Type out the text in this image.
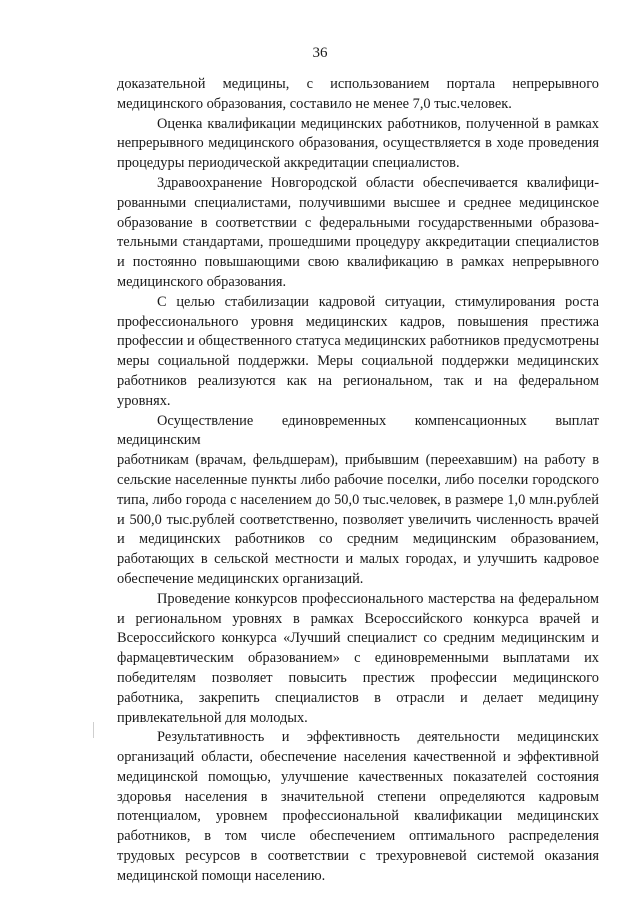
36

доказательной медицины, с использованием портала непрерывного
медицинского образования, составило не менее 7,0 тыс.человек.

Оценка квалификации медицинских работников, полученной в рамках
непрерывного медицинского образования, осуществляется в ходе проведения
процедуры периодической аккредитации специалистов.

Здравоохранение Новгородской области обеспечивается квалифици-
рованными специалистами, получившими высшее и среднее медицинское
образование в соответствии с федеральными государственными образова-
тельными стандартами, прошедшими процедуру аккредитации специалистов
и постоянно повышающими свою квалификацию в рамках непрерывного
медицинского образования.

С целью стабилизации кадровой ситуации, стимулирования роста
профессионального уровня медицинских кадров, повышения престижа
профессии и общественного статуса медицинских работников предусмотрены
меры социальной поддержки. Меры социальной поддержки медицинских
работников реализуются как на региональном, так и на федеральном
уровнях.

Осуществление единовременных компенсационных выплат медицинским
работникам (врачам, фельдшерам), прибывшим (переехавшим) на работу в
сельские населенные пункты либо рабочие поселки, либо поселки городского
типа, либо города с населением до 50,0 тыс.человек, в размере 1,0 млн.рублей
и 500,0 тыс.рублей соответственно, позволяет увеличить численность врачей
и медицинских работников со средним медицинским образованием,
работающих в сельской местности и малых городах, и улучшить кадровое
обеспечение медицинских организаций.

Проведение конкурсов профессионального мастерства на федеральном
и региональном уровнях в рамках Всероссийского конкурса врачей и
Всероссийского конкурса «Лучший специалист со средним медицинским и
фармацевтическим образованием» с единовременными выплатами их
победителям позволяет повысить престиж профессии медицинского
работника, закрепить специалистов в отрасли и делает медицину
привлекательной для молодых.

Результативность и эффективность деятельности медицинских
организаций области, обеспечение населения качественной и эффективной
медицинской помощью, улучшение качественных показателей состояния
здоровья населения в значительной степени определяются кадровым
потенциалом, уровнем профессиональной квалификации медицинских
работников, в том числе обеспечением оптимального распределения
трудовых ресурсов в соответствии с трехуровневой системой оказания
медицинской помощи населению.
